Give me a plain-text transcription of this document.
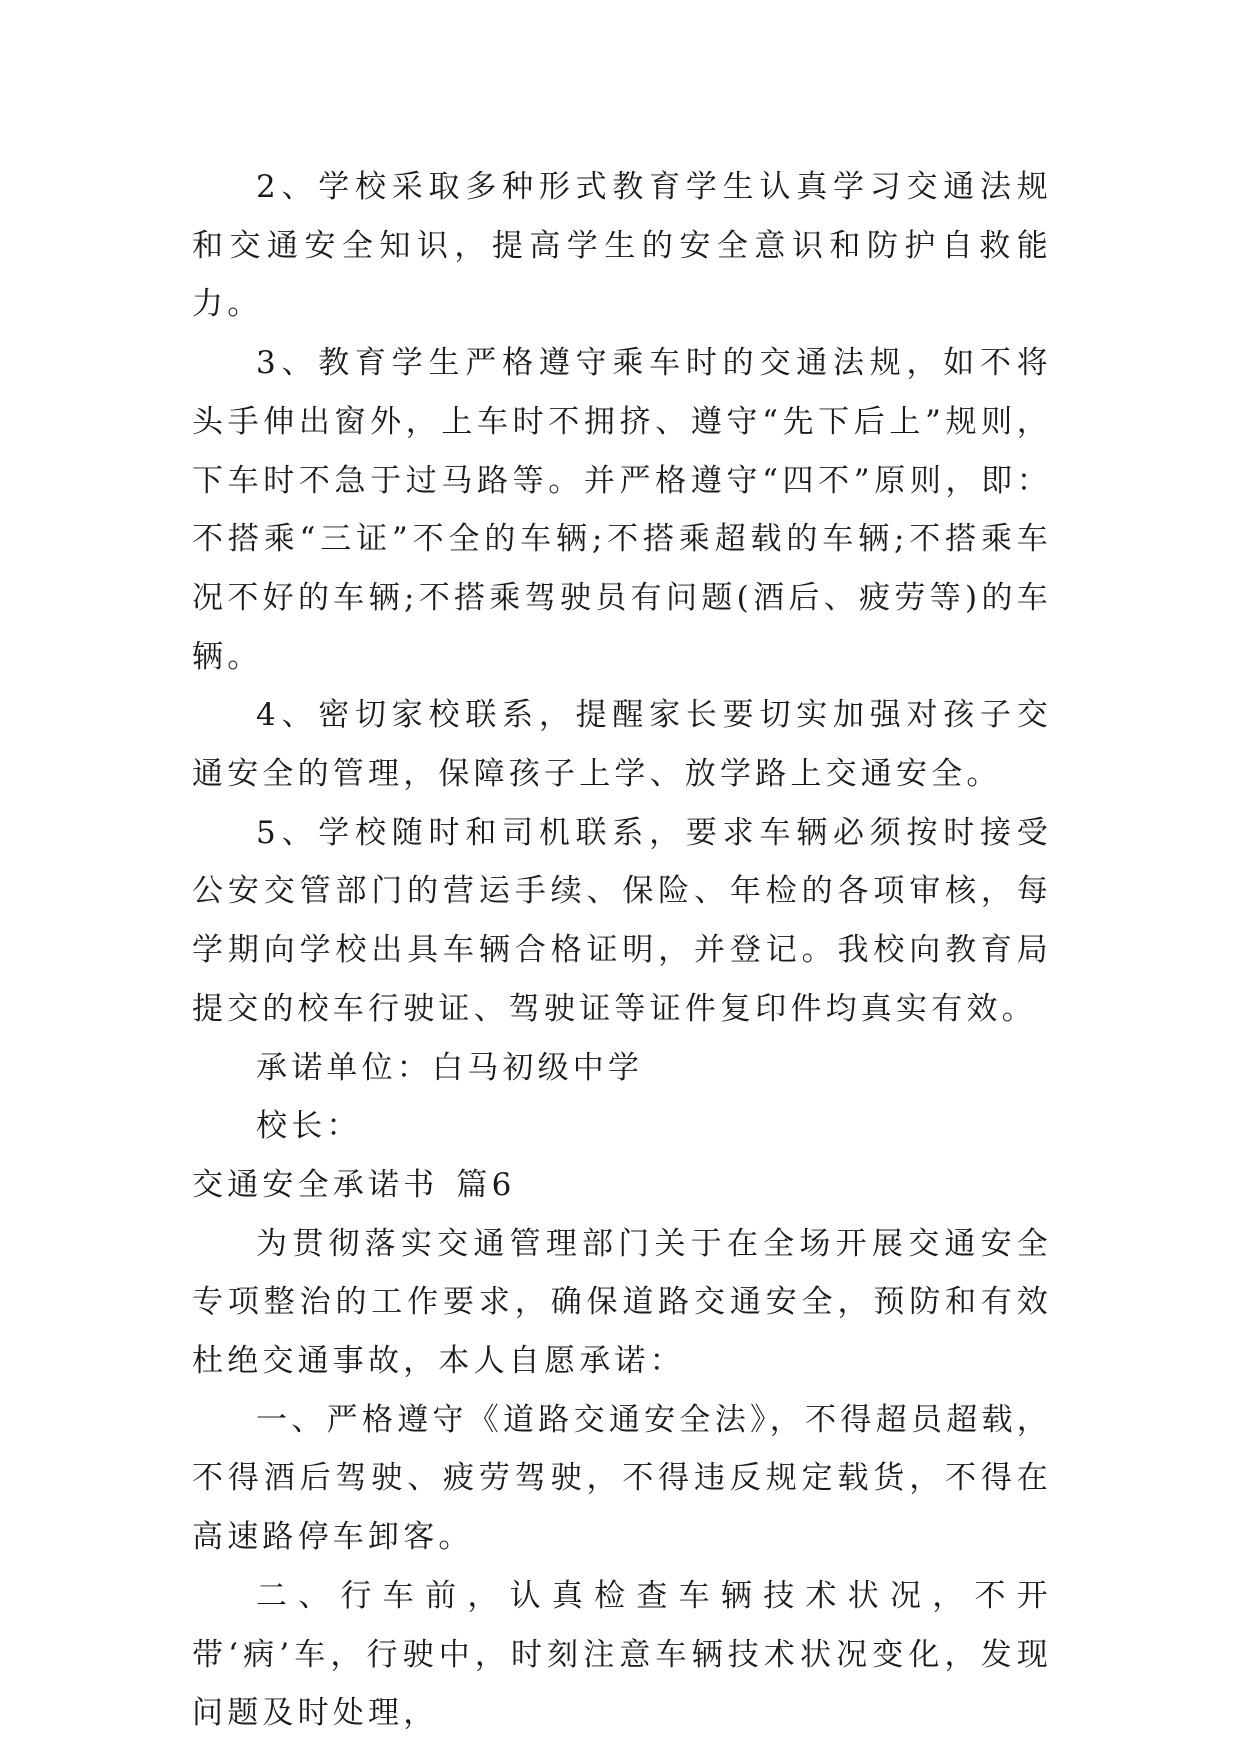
2、学校采取多种形式教育学生认真学习交通法规和交通安全知识，提高学生的安全意识和防护自救能力。

3、教育学生严格遵守乘车时的交通法规，如不将头手伸出窗外，上车时不拥挤、遵守“先下后上”规则，下车时不急于过马路等。并严格遵守“四不”原则，即：不搭乘“三证”不全的车辆;不搭乘超载的车辆;不搭乘车况不好的车辆;不搭乘驾驶员有问题(酒后、疲劳等)的车辆。

4、密切家校联系，提醒家长要切实加强对孩子交通安全的管理，保障孩子上学、放学路上交通安全。

5、学校随时和司机联系，要求车辆必须按时接受公安交管部门的营运手续、保险、年检的各项审核，每学期向学校出具车辆合格证明，并登记。我校向教育局提交的校车行驶证、驾驶证等证件复印件均真实有效。

承诺单位：白马初级中学

校长：

交通安全承诺书 篇6

为贯彻落实交通管理部门关于在全场开展交通安全专项整治的工作要求，确保道路交通安全，预防和有效杜绝交通事故，本人自愿承诺：

一、严格遵守《道路交通安全法》，不得超员超载，不得酒后驾驶、疲劳驾驶，不得违反规定载货，不得在高速路停车卸客。

二、行车前，认真检查车辆技术状况，不开带‘病’车，行驶中，时刻注意车辆技术状况变化，发现问题及时处理，
